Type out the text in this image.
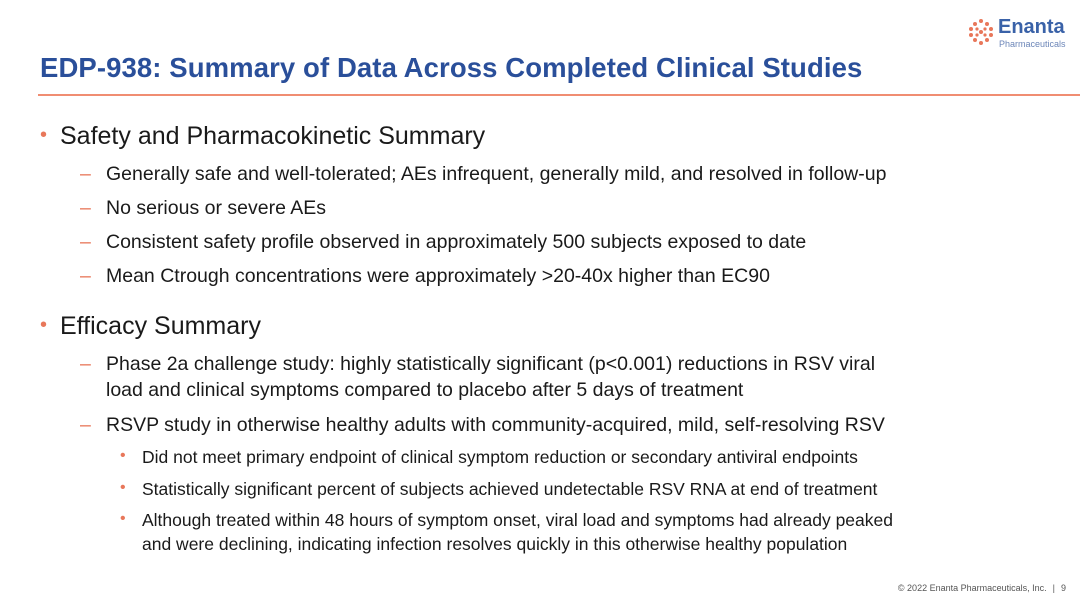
EDP-938: Summary of Data Across Completed Clinical Studies
Enanta
Pharmaceuticals
• Safety and Pharmacokinetic Summary
– Generally safe and well-tolerated; AEs infrequent, generally mild, and resolved in follow-up
– No serious or severe AEs
– Consistent safety profile observed in approximately 500 subjects exposed to date
– Mean Ctrough concentrations were approximately >20-40x higher than EC90
• Efficacy Summary
– Phase 2a challenge study: highly statistically significant (p<0.001) reductions in RSV viral
load and clinical symptoms compared to placebo after 5 days of treatment
– RSVP study in otherwise healthy adults with community-acquired, mild, self-resolving RSV
• Did not meet primary endpoint of clinical symptom reduction or secondary antiviral endpoints
• Statistically significant percent of subjects achieved undetectable RSV RNA at end of treatment
• Although treated within 48 hours of symptom onset, viral load and symptoms had already peaked
and were declining, indicating infection resolves quickly in this otherwise healthy population
© 2022 Enanta Pharmaceuticals, Inc. | 9
